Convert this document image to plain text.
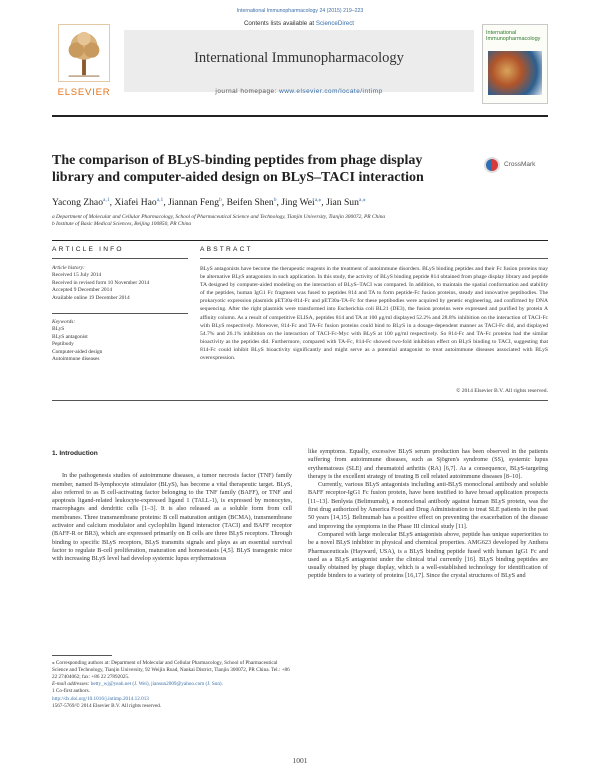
International Immunopharmacology 24 (2015) 219–223
ELSEVIER
Contents lists available at ScienceDirect
International Immunopharmacology
journal homepage: www.elsevier.com/locate/intimp
International Immunopharmacology
The comparison of BLyS-binding peptides from phage display library and computer-aided design on BLyS–TACI interaction
CrossMark
Yacong Zhao$^{a,1}$, Xiafei Hao$^{a,1}$, Jiannan Feng$^b$, Beifen Shen$^b$, Jing Wei$^{a,⁎}$, Jian Sun$^{a,⁎}$
a Department of Molecular and Cellular Pharmacology, School of Pharmaceutical Science and Technology, Tianjin University, Tianjin 300072, PR China
b Institute of Basic Medical Sciences, Beijing 100850, PR China
ARTICLE INFO	ABSTRACT
Article history:
Received 15 July 2014
Received in revised form 10 November 2014
Accepted 9 December 2014
Available online 19 December 2014
Keywords:
BLyS
BLyS antagonist
Peptibody
Computer-aided design
Autoimmune diseases

BLyS antagonists have become the therapeutic reagents in the treatment of autoimmune disorders. BLyS binding peptides and their Fc fusion proteins may be alternative BLyS antagonists in such application. In this study, the activity of BLyS binding peptide 814 obtained from phage display library and peptide TA designed by computer-aided modeling on the interaction of BLyS–TACI was compared. In addition, to maintain the spatial conformation and stability of the peptides, human IgG1 Fc fragment was fused to peptides 814 and TA to form peptide-Fc fusion proteins, steady and innovative peptibodies. The prokaryotic expression plasmids pET30a-814-Fc and pET30a-TA-Fc for these peptibodies were acquired by genetic engineering, and confirmed by DNA sequencing. After the right plasmids were transformed into Escherichia coli BL21 (DE3), the fusion proteins were expressed and purified by protein A affinity column. As a result of competitive ELISA, peptides 814 and TA at 100 μg/ml displayed 52.2% and 28.8% inhibition on the interaction of TACI-Fc with BLyS respectively. Moreover, 814-Fc and TA-Fc fusion proteins could bind to BLyS in a dosage-dependent manner as TACI-Fc did, and displayed 54.7% and 26.1% inhibition on the interaction of TACI-Fc-Myc with BLyS at 100 μg/ml respectively. So 814-Fc and TA-Fc proteins had the similar bioactivity as the peptides did. Furthermore, compared with TA-Fc, 814-Fc showed two-fold inhibition effect on BLyS binding to TACI, suggesting that 814-Fc could inhibit BLyS bioactivity significantly and might serve as a potential antagonist to treat autoimmune diseases associated with BLyS overexpression.

© 2014 Elsevier B.V. All rights reserved.
1. Introduction

In the pathogenesis studies of autoimmune diseases, a tumor necrosis factor (TNF) family member, named B-lymphocyte stimulator (BLyS), has become a vital therapeutic target. BLyS, also referred to as B cell-activating factor belonging to the TNF family (BAFF), or TNF and apoptosis ligand-related leukocyte-expressed ligand 1 (TALL-1), is expressed by monocytes, macrophages and dendritic cells [1–3]. It is also released as a soluble form from cell membranes. Three transmembrane proteins: B cell maturation antigen (BCMA), transmembrane activator and calcium modulator and cyclophilin ligand interactor (TACI) and BAFF receptor (BAFF-R or BR3), which are expressed primarily on B cells are three BLyS receptors. Through binding to specific BLyS receptors, BLyS transmits signals and plays as an essential survival factor to regulate B-cell proliferation, maturation and homeostasis [4,5]. BLyS transgenic mice with increasing BLyS level had develop systemic lupus erythematosus

like symptoms. Equally, excessive BLyS serum production has been observed in the patients suffering from autoimmune diseases, such as Sjögren's syndrome (SS), systemic lupus erythematosus (SLE) and rheumatoid arthritis (RA) [6,7]. As a consequence, BLyS-targeting therapy is the excellent strategy of treating B cell related autoimmune diseases [8–10].

Currently, various BLyS antagonists including anti-BLyS monoclonal antibody and soluble BAFF receptor-IgG1 Fc fusion protein, have been testified to have broad application prospects [11–13]. Benlysta (Belimumab), a monoclonal antibody against human BLyS protein, was the first drug authorized by America Food and Drug Administration to treat SLE patients in the past 50 years [14,15]. Belimumab has a positive effect on preventing the exacerbation of the disease and improving the symptoms in the Phase III clinical study [11].

Compared with large molecular BLyS antagonists above, peptide has unique superiorities to be a novel BLyS inhibitor in physical and chemical properties. AMG623 developed by Anthera Pharmaceuticals (Hayward, USA), is a BLyS binding peptide fused with human IgG1 Fc and used as a BLyS antagonist under the clinical trial currently [16]. BLyS binding peptides are usually obtained by phage display, which is a well-established technology for identification of peptide binders to a variety of proteins [16,17]. Since the crystal structures of BLyS and

⁎ Corresponding authors at: Department of Molecular and Cellular Pharmacology, School of Pharmaceutical Science and Technology, Tianjin University, 92 Weijin Road, Nankai District, Tianjin 300072, PR China. Tel.: +86 22 27404062; fax: +86 22 27892025.
E-mail addresses: betty_wj@yeah.net (J. Wei), jiansun2009@yahoo.com (J. Sun).
1 Co-first authors.
http://dx.doi.org/10.1016/j.intimp.2014.12.013
1567-5769/© 2014 Elsevier B.V. All rights reserved.
1001
